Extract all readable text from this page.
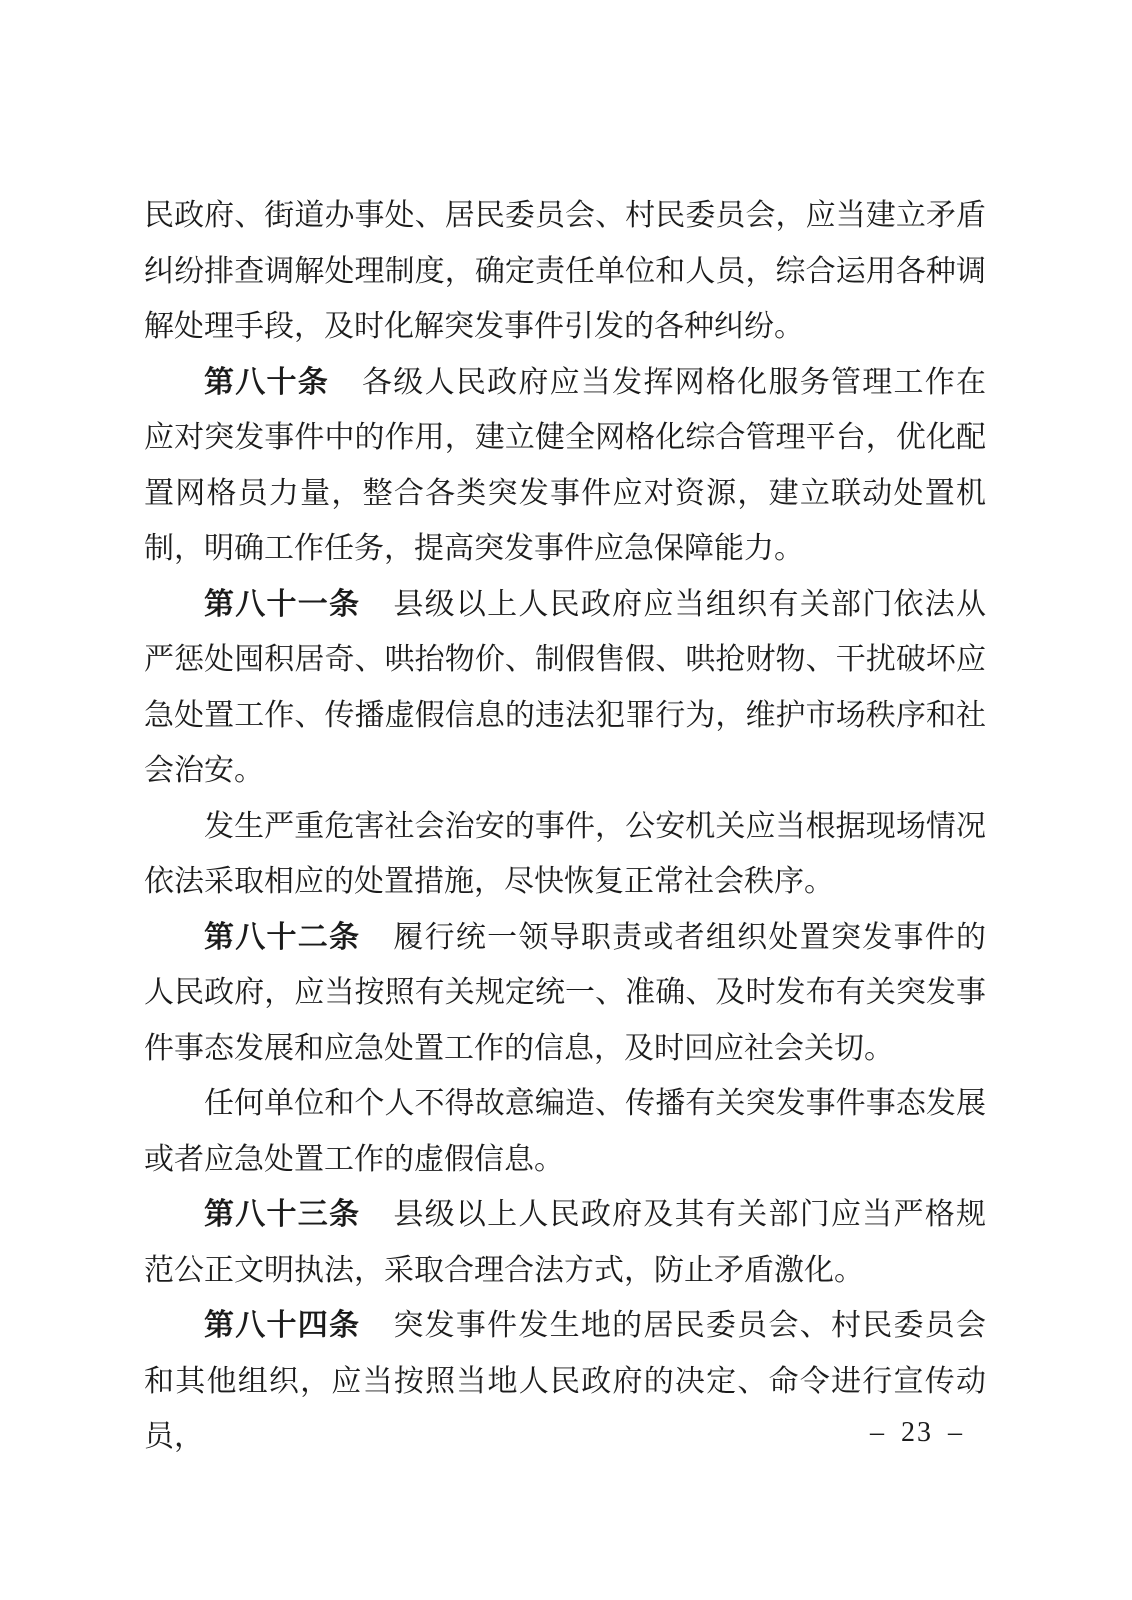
民政府、街道办事处、居民委员会、村民委员会，应当建立矛盾纠纷排查调解处理制度，确定责任单位和人员，综合运用各种调解处理手段，及时化解突发事件引发的各种纠纷。

第八十条 各级人民政府应当发挥网格化服务管理工作在应对突发事件中的作用，建立健全网格化综合管理平台，优化配置网格员力量，整合各类突发事件应对资源，建立联动处置机制，明确工作任务，提高突发事件应急保障能力。

第八十一条 县级以上人民政府应当组织有关部门依法从严惩处囤积居奇、哄抬物价、制假售假、哄抢财物、干扰破坏应急处置工作、传播虚假信息的违法犯罪行为，维护市场秩序和社会治安。

发生严重危害社会治安的事件，公安机关应当根据现场情况依法采取相应的处置措施，尽快恢复正常社会秩序。

第八十二条 履行统一领导职责或者组织处置突发事件的人民政府，应当按照有关规定统一、准确、及时发布有关突发事件事态发展和应急处置工作的信息，及时回应社会关切。

任何单位和个人不得故意编造、传播有关突发事件事态发展或者应急处置工作的虚假信息。

第八十三条 县级以上人民政府及其有关部门应当严格规范公正文明执法，采取合理合法方式，防止矛盾激化。

第八十四条 突发事件发生地的居民委员会、村民委员会和其他组织，应当按照当地人民政府的决定、命令进行宣传动员，	– 23 –
